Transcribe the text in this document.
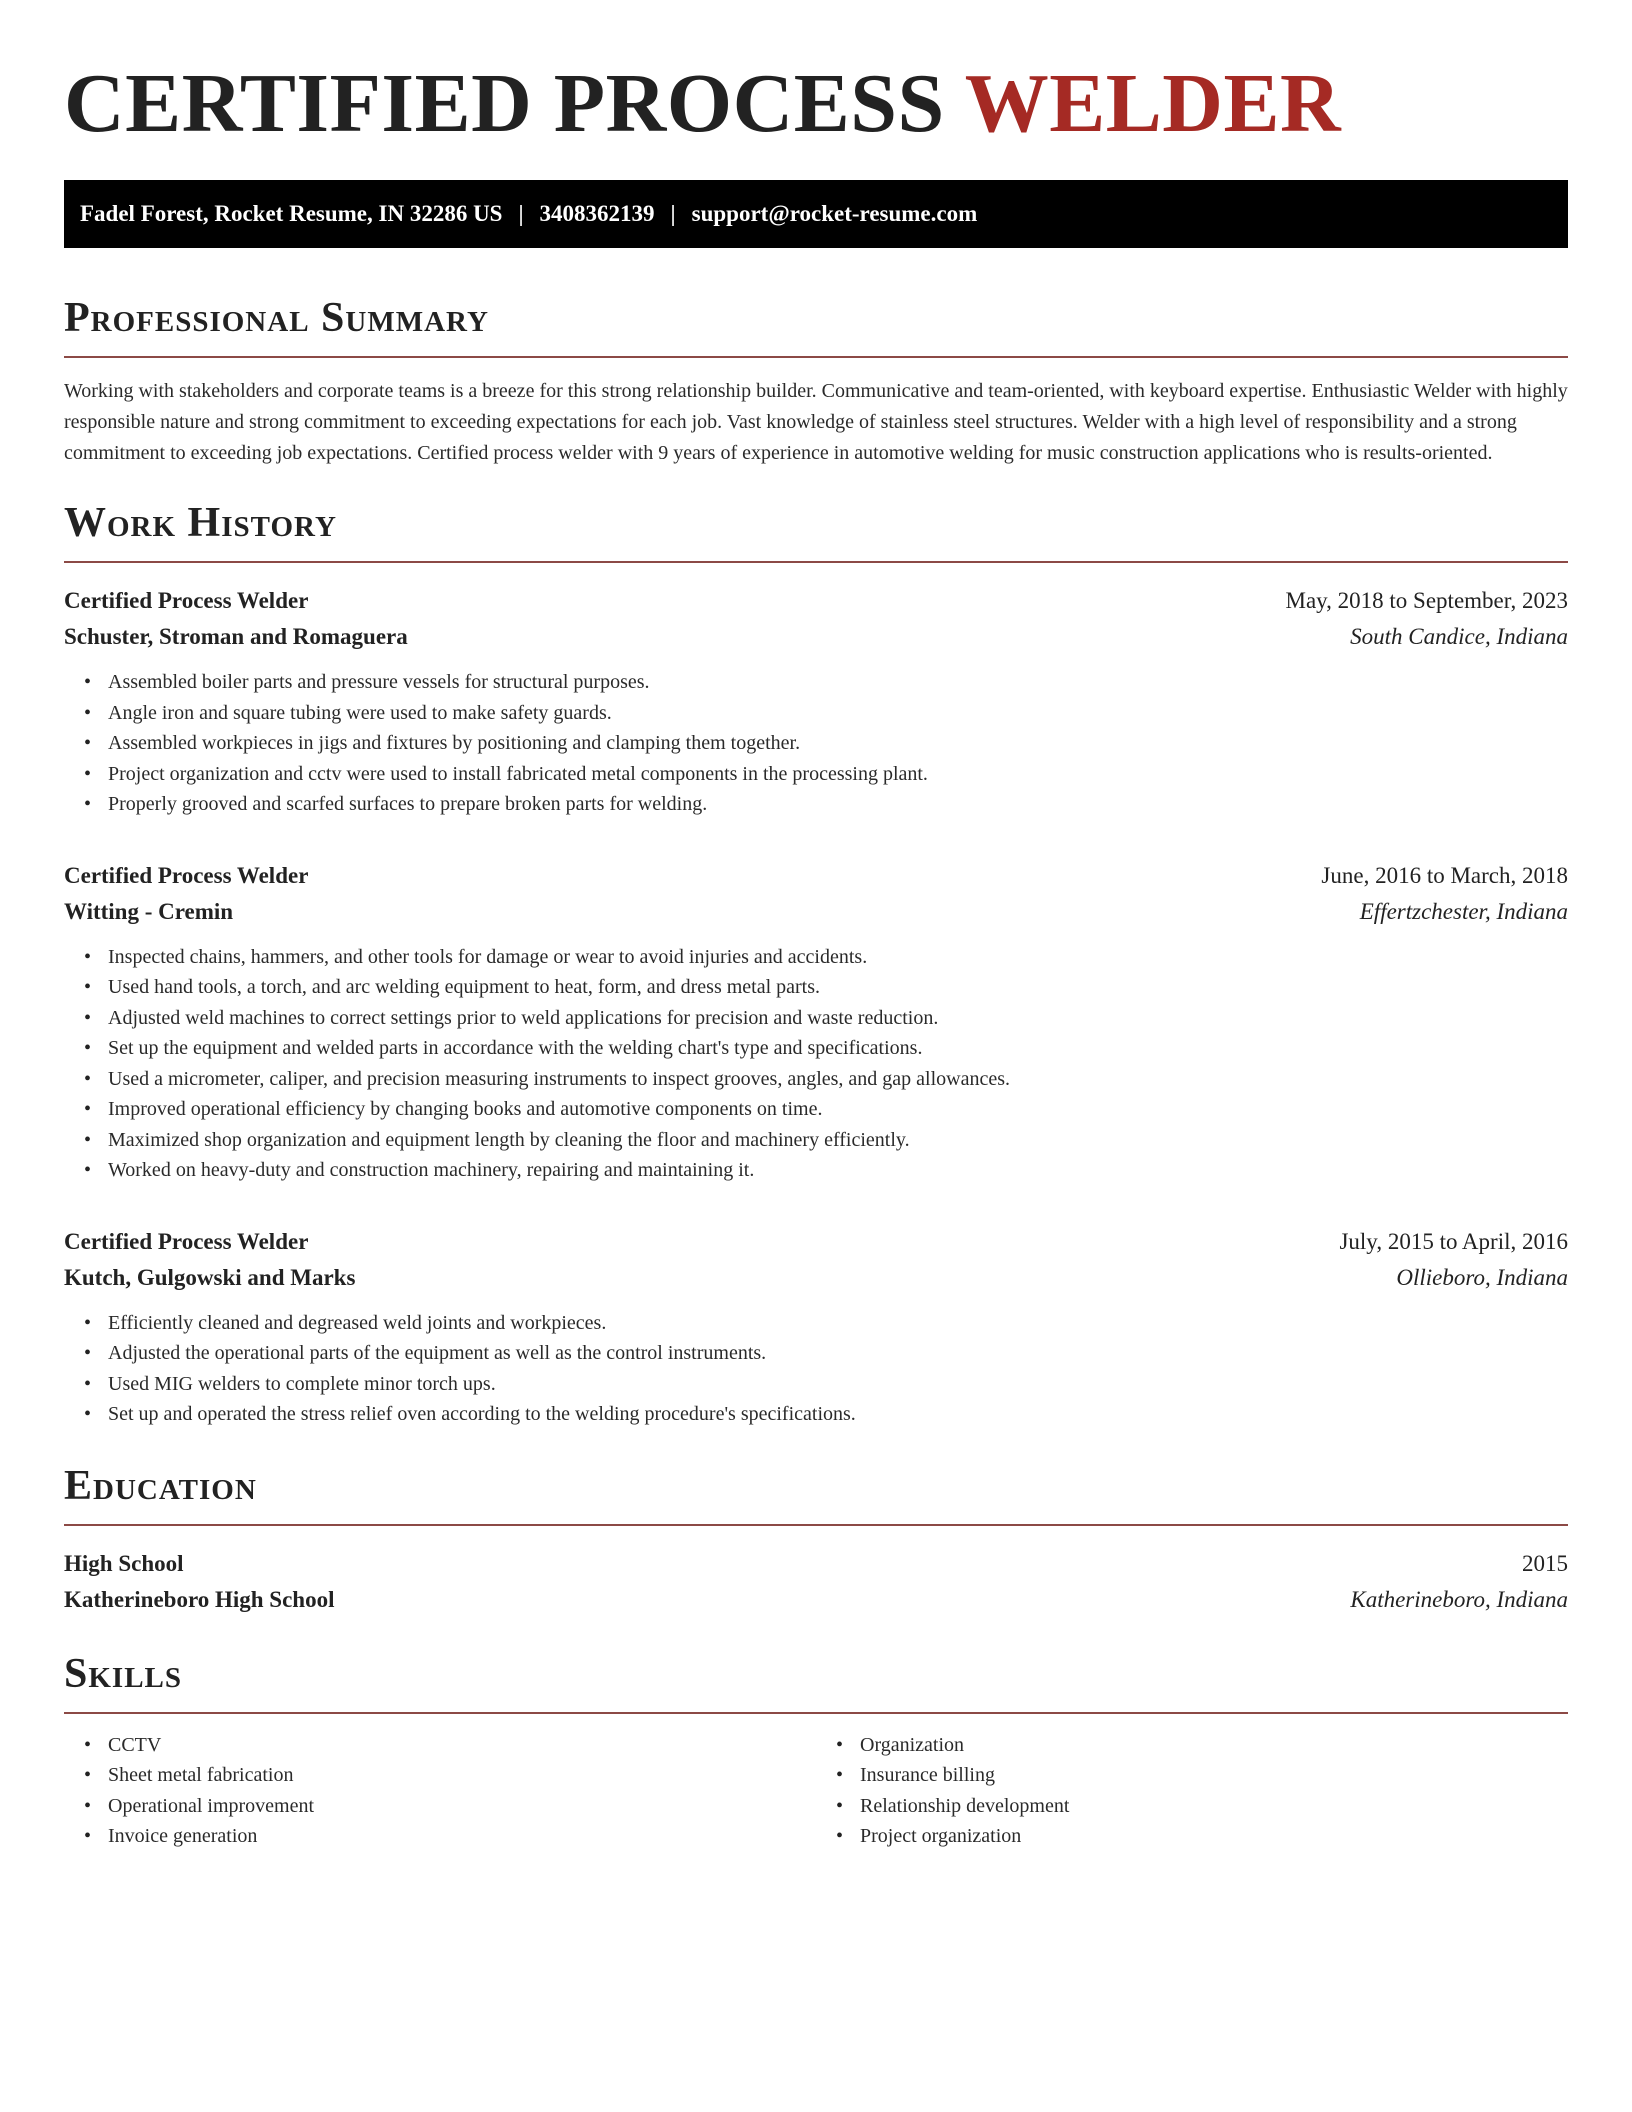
CERTIFIED PROCESS WELDER
Fadel Forest, Rocket Resume, IN 32286 US | 3408362139 | support@rocket-resume.com
Professional Summary

Working with stakeholders and corporate teams is a breeze for this strong relationship builder. Communicative and team-oriented, with keyboard expertise. Enthusiastic Welder with highly responsible nature and strong commitment to exceeding expectations for each job. Vast knowledge of stainless steel structures. Welder with a high level of responsibility and a strong commitment to exceeding job expectations. Certified process welder with 9 years of experience in automotive welding for music construction applications who is results-oriented.

Work History
Certified Process Welder	May, 2018 to September, 2023
Schuster, Stroman and Romaguera	South Candice, Indiana
• Assembled boiler parts and pressure vessels for structural purposes.
• Angle iron and square tubing were used to make safety guards.
• Assembled workpieces in jigs and fixtures by positioning and clamping them together.
• Project organization and cctv were used to install fabricated metal components in the processing plant.
• Properly grooved and scarfed surfaces to prepare broken parts for welding.
Certified Process Welder	June, 2016 to March, 2018
Witting - Cremin	Effertzchester, Indiana
• Inspected chains, hammers, and other tools for damage or wear to avoid injuries and accidents.
• Used hand tools, a torch, and arc welding equipment to heat, form, and dress metal parts.
• Adjusted weld machines to correct settings prior to weld applications for precision and waste reduction.
• Set up the equipment and welded parts in accordance with the welding chart's type and specifications.
• Used a micrometer, caliper, and precision measuring instruments to inspect grooves, angles, and gap allowances.
• Improved operational efficiency by changing books and automotive components on time.
• Maximized shop organization and equipment length by cleaning the floor and machinery efficiently.
• Worked on heavy-duty and construction machinery, repairing and maintaining it.
Certified Process Welder	July, 2015 to April, 2016
Kutch, Gulgowski and Marks	Ollieboro, Indiana
• Efficiently cleaned and degreased weld joints and workpieces.
• Adjusted the operational parts of the equipment as well as the control instruments.
• Used MIG welders to complete minor torch ups.
• Set up and operated the stress relief oven according to the welding procedure's specifications.
Education
High School	2015
Katherineboro High School	Katherineboro, Indiana
Skills
• CCTV
• Sheet metal fabrication
• Operational improvement
• Invoice generation
• Organization
• Insurance billing
• Relationship development
• Project organization
